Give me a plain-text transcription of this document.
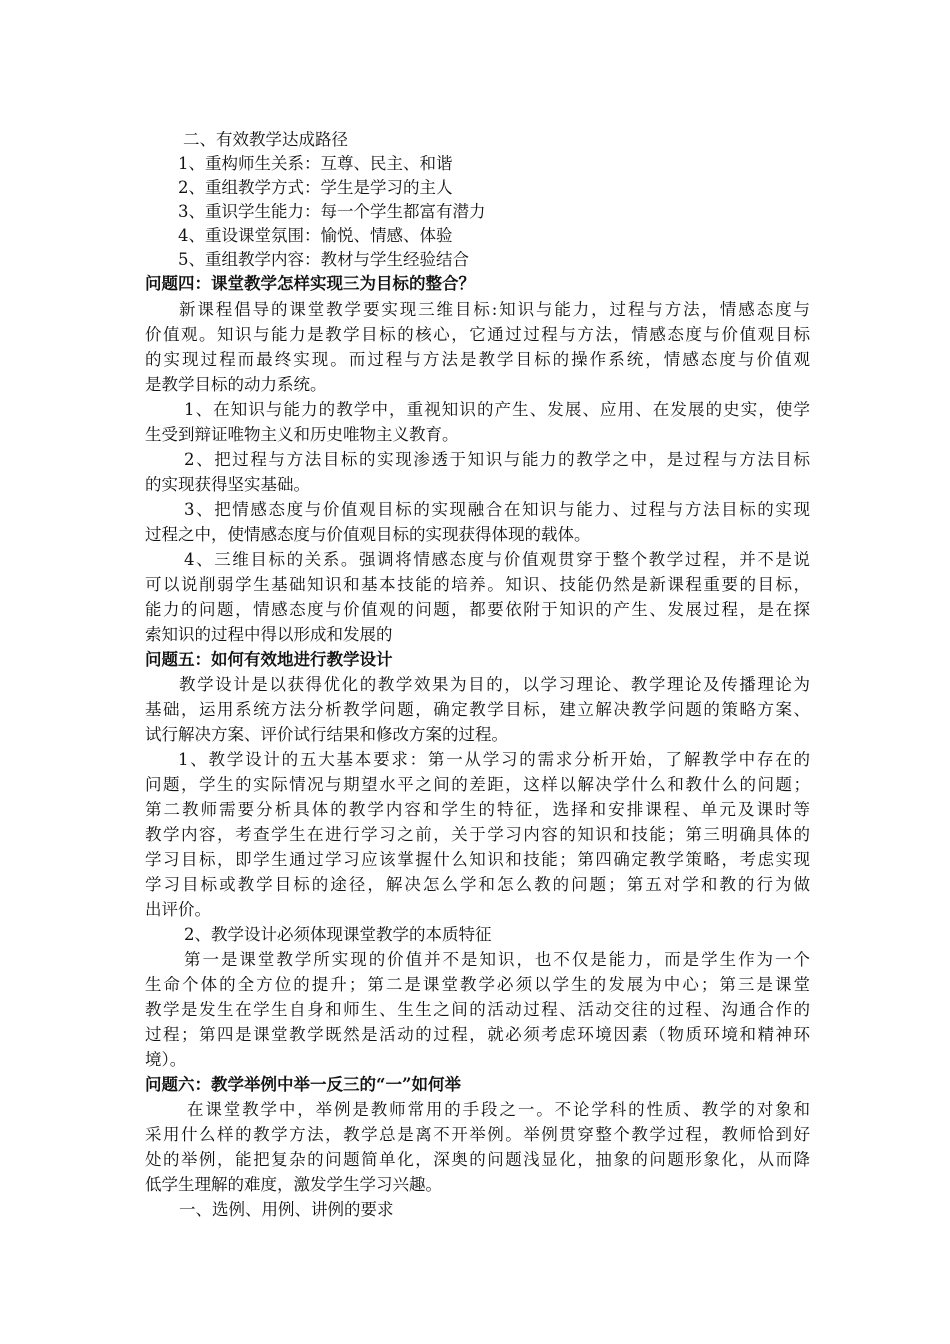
二、有效教学达成路径
1、重构师生关系：互尊、民主、和谐
2、重组教学方式：学生是学习的主人
3、重识学生能力：每一个学生都富有潜力
4、重设课堂氛围：愉悦、情感、体验
5、重组教学内容：教材与学生经验结合
问题四：课堂教学怎样实现三为目标的整合？
新课程倡导的课堂教学要实现三维目标:知识与能力，过程与方法，情感态度与
价值观。知识与能力是教学目标的核心，它通过过程与方法，情感态度与价值观目标
的实现过程而最终实现。而过程与方法是教学目标的操作系统，情感态度与价值观
是教学目标的动力系统。
1、在知识与能力的教学中，重视知识的产生、发展、应用、在发展的史实，使学
生受到辩证唯物主义和历史唯物主义教育。
2、把过程与方法目标的实现渗透于知识与能力的教学之中，是过程与方法目标
的实现获得坚实基础。
3、把情感态度与价值观目标的实现融合在知识与能力、过程与方法目标的实现
过程之中，使情感态度与价值观目标的实现获得体现的载体。
4、三维目标的关系。强调将情感态度与价值观贯穿于整个教学过程，并不是说
可以说削弱学生基础知识和基本技能的培养。知识、技能仍然是新课程重要的目标，
能力的问题，情感态度与价值观的问题，都要依附于知识的产生、发展过程，是在探
索知识的过程中得以形成和发展的
问题五：如何有效地进行教学设计
教学设计是以获得优化的教学效果为目的，以学习理论、教学理论及传播理论为
基础，运用系统方法分析教学问题，确定教学目标，建立解决教学问题的策略方案、
试行解决方案、评价试行结果和修改方案的过程。
1、教学设计的五大基本要求：第一从学习的需求分析开始，了解教学中存在的
问题，学生的实际情况与期望水平之间的差距，这样以解决学什么和教什么的问题；
第二教师需要分析具体的教学内容和学生的特征，选择和安排课程、单元及课时等
教学内容，考查学生在进行学习之前，关于学习内容的知识和技能；第三明确具体的
学习目标，即学生通过学习应该掌握什么知识和技能；第四确定教学策略，考虑实现
学习目标或教学目标的途径，解决怎么学和怎么教的问题；第五对学和教的行为做
出评价。
2、教学设计必须体现课堂教学的本质特征
第一是课堂教学所实现的价值并不是知识，也不仅是能力，而是学生作为一个
生命个体的全方位的提升；第二是课堂教学必须以学生的发展为中心；第三是课堂
教学是发生在学生自身和师生、生生之间的活动过程、活动交往的过程、沟通合作的
过程；第四是课堂教学既然是活动的过程，就必须考虑环境因素（物质环境和精神环
境）。
问题六：教学举例中举一反三的“一”如何举
在课堂教学中，举例是教师常用的手段之一。不论学科的性质、教学的对象和
采用什么样的教学方法，教学总是离不开举例。举例贯穿整个教学过程，教师恰到好
处的举例，能把复杂的问题简单化，深奥的问题浅显化，抽象的问题形象化，从而降
低学生理解的难度，激发学生学习兴趣。
一、选例、用例、讲例的要求
